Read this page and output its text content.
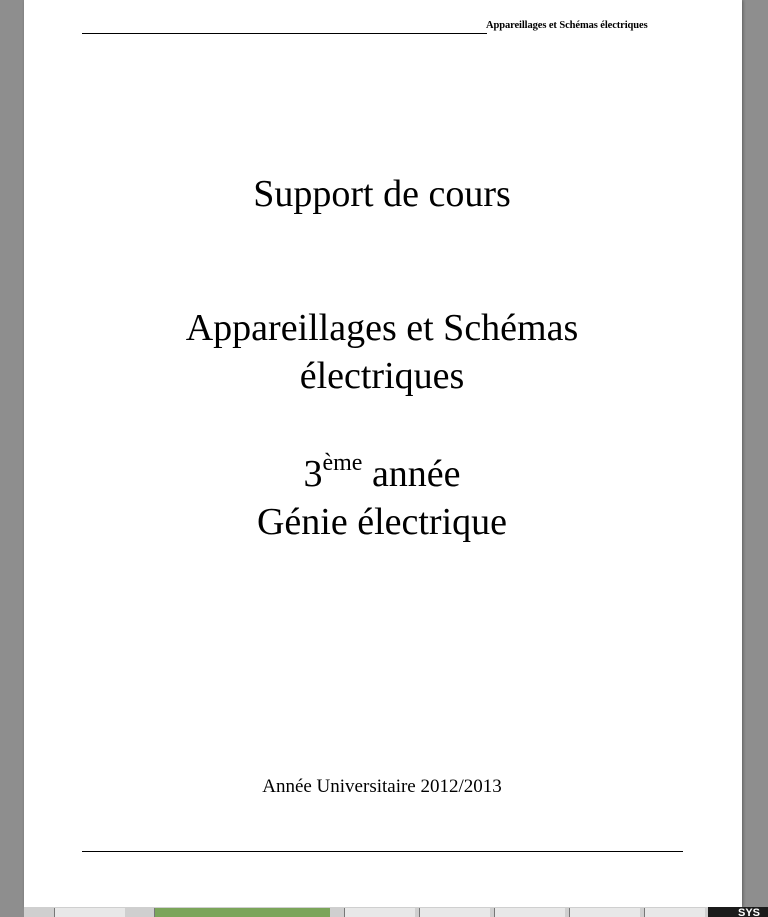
Appareillages et Schémas électriques
Support de cours
Appareillages et Schémas
électriques
3ème année
Génie électrique
Année Universitaire 2012/2013
SYS
